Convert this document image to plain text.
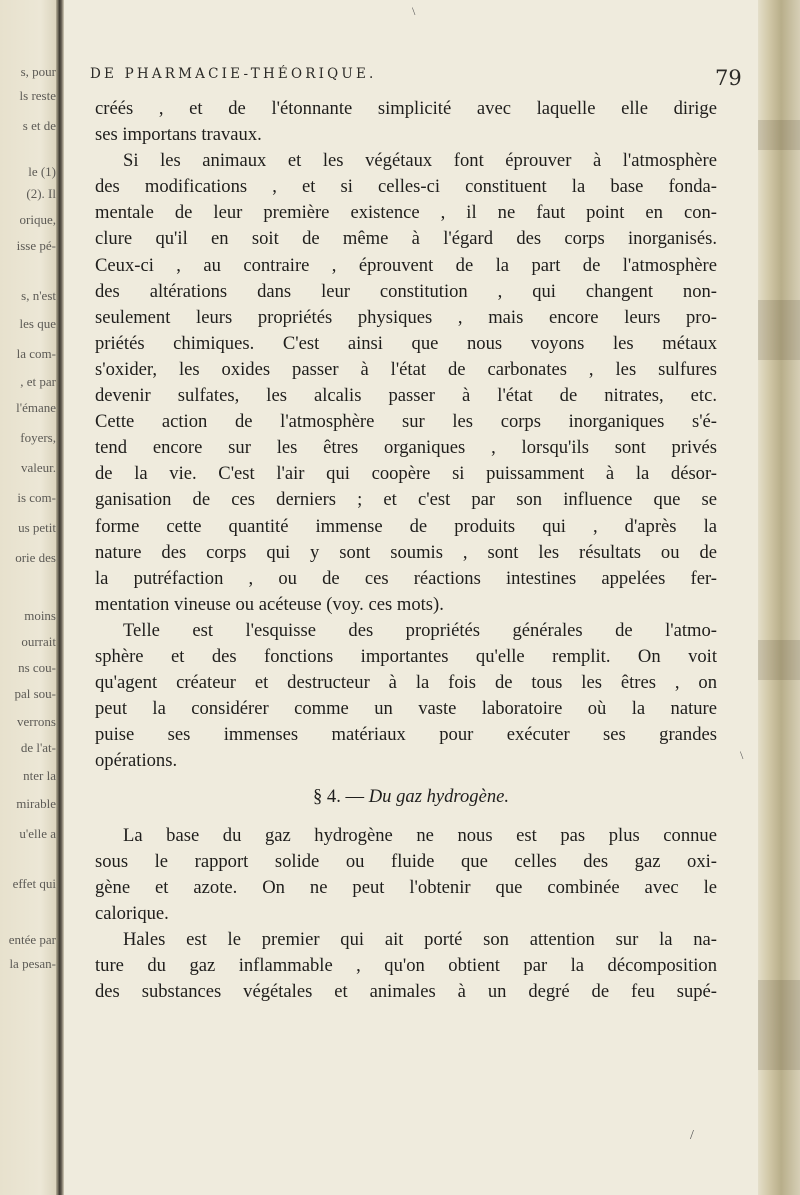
s, pour
ls reste
s et de
le (1)
(2). Il
orique,
isse pé-
s, n'est
les que
la com-
, et par
l'émane
foyers,
valeur.
is com-
us petit
orie des
moins
ourrait
ns cou-
pal sou-
verrons
de l'at-
nter la
mirable
u'elle a
effet qui
entée par
la pesan-
DE PHARMACIE-THÉORIQUE.	79
créés , et de l'étonnante simplicité avec laquelle elle dirige
ses importans travaux.
Si les animaux et les végétaux font éprouver à l'atmosphère
des modifications , et si celles-ci constituent la base fonda-
mentale de leur première existence , il ne faut point en con-
clure qu'il en soit de même à l'égard des corps inorganisés.
Ceux-ci , au contraire , éprouvent de la part de l'atmosphère
des altérations dans leur constitution , qui changent non-
seulement leurs propriétés physiques , mais encore leurs pro-
priétés chimiques. C'est ainsi que nous voyons les métaux
s'oxider, les oxides passer à l'état de carbonates , les sulfures
devenir sulfates, les alcalis passer à l'état de nitrates, etc.
Cette action de l'atmosphère sur les corps inorganiques s'é-
tend encore sur les êtres organiques , lorsqu'ils sont privés
de la vie. C'est l'air qui coopère si puissamment à la désor-
ganisation de ces derniers ; et c'est par son influence que se
forme cette quantité immense de produits qui , d'après la
nature des corps qui y sont soumis , sont les résultats ou de
la putréfaction , ou de ces réactions intestines appelées fer-
mentation vineuse ou acéteuse (voy. ces mots).
Telle est l'esquisse des propriétés générales de l'atmo-
sphère et des fonctions importantes qu'elle remplit. On voit
qu'agent créateur et destructeur à la fois de tous les êtres , on
peut la considérer comme un vaste laboratoire où la nature
puise ses immenses matériaux pour exécuter ses grandes
opérations.
§ 4. — Du gaz hydrogène.
La base du gaz hydrogène ne nous est pas plus connue
sous le rapport solide ou fluide que celles des gaz oxi-
gène et azote. On ne peut l'obtenir que combinée avec le
calorique.
Hales est le premier qui ait porté son attention sur la na-
ture du gaz inflammable , qu'on obtient par la décomposition
des substances végétales et animales à un degré de feu supé-
\
\
/
